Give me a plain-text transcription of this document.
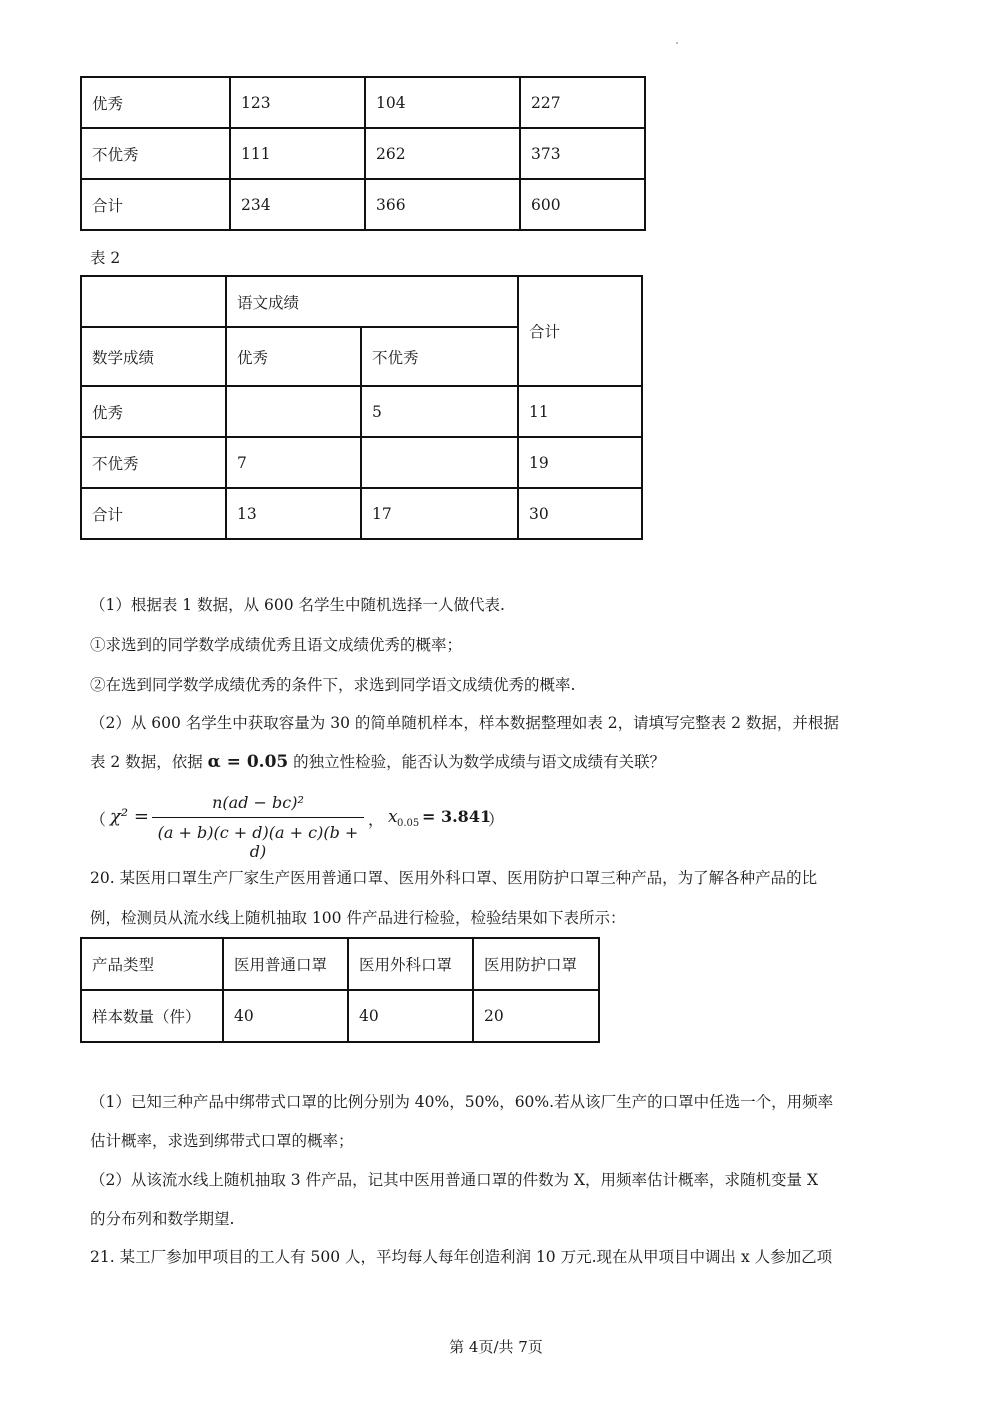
优秀	123	104	227
不优秀	111	262	373
合计	234	366	600
表 2
	语文成绩		合计
数学成绩	优秀	不优秀	
优秀		5	11
不优秀	7		19
合计	13	17	30
（1）根据表 1 数据，从 600 名学生中随机选择一人做代表.
①求选到的同学数学成绩优秀且语文成绩优秀的概率；
②在选到同学数学成绩优秀的条件下，求选到同学语文成绩优秀的概率.
（2）从 600 名学生中获取容量为 30 的简单随机样本，样本数据整理如表 2，请填写完整表 2 数据，并根据
表 2 数据，依据 α = 0.05 的独立性检验，能否认为数学成绩与语文成绩有关联？
（ χ² =
n(ad − bc)²
(a + b)(c + d)(a + c)(b + d)
， x 0.05 = 3.841
）
20. 某医用口罩生产厂家生产医用普通口罩、医用外科口罩、医用防护口罩三种产品，为了解各种产品的比
例，检测员从流水线上随机抽取 100 件产品进行检验，检验结果如下表所示：
产品类型	医用普通口罩	医用外科口罩	医用防护口罩
样本数量（件）	40	40	20
（1）已知三种产品中绑带式口罩的比例分别为 40%，50%，60%.若从该厂生产的口罩中任选一个，用频率
估计概率，求选到绑带式口罩的概率；
（2）从该流水线上随机抽取 3 件产品，记其中医用普通口罩的件数为 X，用频率估计概率，求随机变量 X
的分布列和数学期望.
21. 某工厂参加甲项目的工人有 500 人，平均每人每年创造利润 10 万元.现在从甲项目中调出 x 人参加乙项
第 4页/共 7页
